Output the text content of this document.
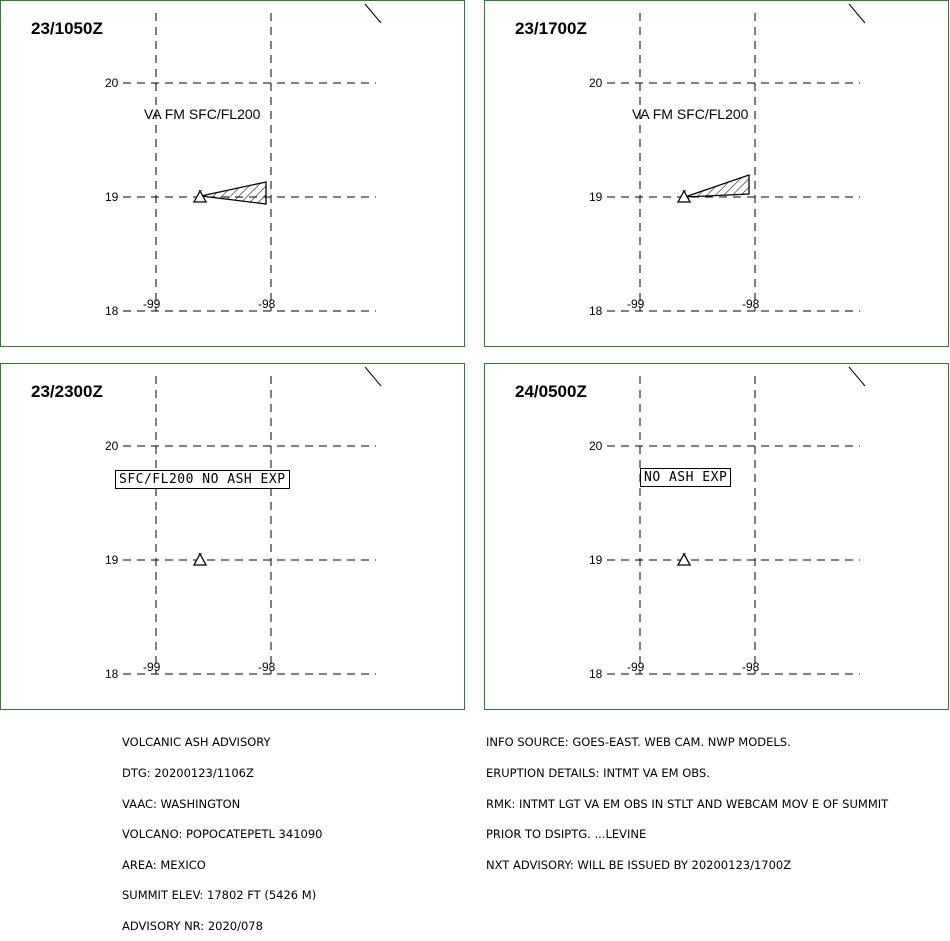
⌄
23/1050Z
20
19
18 -99	-98
VA FM SFC/FL200
⌄
23/1700Z
20
19
18 -99	-98
VA FM SFC/FL200
⌄
23/2300Z
20
19
18 -99	-98
SFC/FL200 NO ASH EXP
⌄
24/0500Z
20
19
18 -99	-98
NO ASH EXP

VOLCANIC ASH ADVISORY

DTG: 20200123/1106Z

VAAC: WASHINGTON

VOLCANO: POPOCATEPETL 341090

AREA: MEXICO

SUMMIT ELEV: 17802 FT (5426 M)

ADVISORY NR: 2020/078

INFO SOURCE: GOES-EAST. WEB CAM. NWP MODELS.

ERUPTION DETAILS: INTMT VA EM OBS.

RMK: INTMT LGT VA EM OBS IN STLT AND WEBCAM MOV E OF SUMMIT

PRIOR TO DSIPTG. ...LEVINE

NXT ADVISORY: WILL BE ISSUED BY 20200123/1700Z
